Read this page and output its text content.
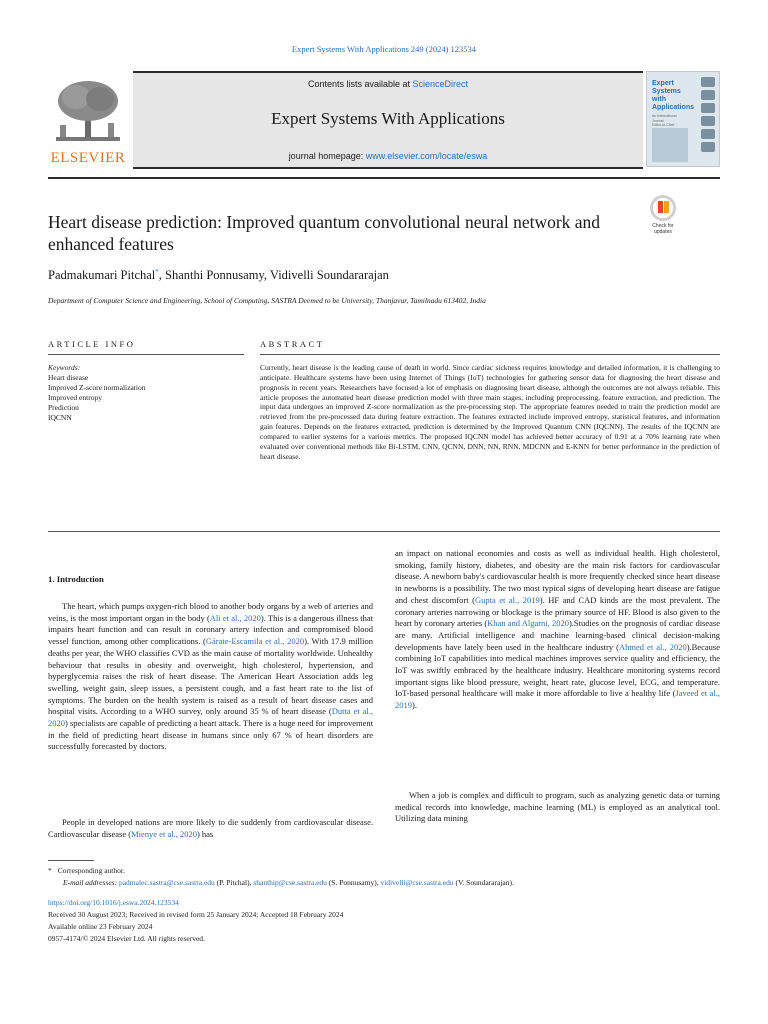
Expert Systems With Applications 249 (2024) 123534
ELSEVIER
Contents lists available at ScienceDirect
Expert Systems With Applications
journal homepage: www.elsevier.com/locate/eswa
Expert
Systems
with
Applications
An International
Journal
Editor-in-Chief

Heart disease prediction: Improved quantum convolutional neural network and enhanced features
Check for updates
Padmakumari Pitchal*, Shanthi Ponnusamy, Vidivelli Soundararajan
Department of Computer Science and Engineering, School of Computing, SASTRA Deemed to be University, Thanjavur, Tamilnadu 613402, India
ARTICLE INFO	ABSTRACT
Keywords:
Heart disease
Improved Z-score normalization
Improved entropy
Prediction
IQCNN
Currently, heart disease is the leading cause of death in world. Since cardiac sickness requires knowledge and detailed information, it is challenging to anticipate. Healthcare systems have been using Internet of Things (IoT) technologies for gathering sensor data for diagnosing the heart disease and prognosis in recent years. Researchers have focused a lot of emphasis on diagnosing heart disease, although the outcomes are not always reliable. This article proposes the automated heart disease prediction model with three main stages, including preprocessing, feature extraction, and prediction. The input data undergoes an improved Z-score normalization as the pre-processing step. The appropriate features needed to train the prediction model are retrieved from the pre-processed data during feature extraction. The features extracted include improved entropy, statistical features, and information gain features. Depends on the features extracted, prediction is determined by the Improved Quantum CNN (IQCNN). The results of the IQCNN are compared to earlier systems for a various metrics. The proposed IQCNN model has achieved better accuracy of 0.91 at a 70% learning rate when evaluated over conventional methods like Bi-LSTM, CNN, QCNN, DNN, NN, RNN, MDCNN and E-KNN for better performance in the prediction of heart disease.
1. Introduction

The heart, which pumps oxygen-rich blood to another body organs by a web of arteries and veins, is the most important organ in the body (Ali et al., 2020). This is a dangerous illness that impairs heart function and can result in coronary artery infection and compromised blood vessel function, among other complications. (Gárate-Escamila et al., 2020). With 17.9 million deaths per year, the WHO classifies CVD as the main cause of mortality worldwide. Unhealthy behaviour that results in obesity and overweight, high cholesterol, hypertension, and hyperglycemia raises the risk of heart disease. The American Heart Association adds leg swelling, weight gain, sleep issues, a persistent cough, and a fast heart rate to the list of symptoms. The burden on the health system is raised as a result of heart disease cases and hospital visits. According to a WHO survey, only around 35 % of heart disease (Dutta et al., 2020) specialists are capable of predicting a heart attack. There is a huge need for improvement in the field of predicting heart disease in humans since only 67 % of heart disorders are successfully forecasted by doctors.

People in developed nations are more likely to die suddenly from cardiovascular disease. Cardiovascular disease (Mienye et al., 2020) has

an impact on national economies and costs as well as individual health. High cholesterol, smoking, family history, diabetes, and obesity are the main risk factors for cardiovascular disease. A newborn baby's cardiovascular health is more frequently checked since heart disease in newborns is a possibility. The two most typical signs of developing heart disease are fatigue and chest discomfort (Gupta et al., 2019). HF and CAD kinds are the most prevalent. The coronary arteries narrowing or blockage is the primary source of HF. Blood is also given to the heart by coronary arteries (Khan and Algarni, 2020).Studies on the prognosis of cardiac disease are many. Artificial intelligence and machine learning-based clinical decision-making developments have lately been used in the healthcare industry (Ahmed et al., 2020).Because combining IoT capabilities into medical machines improves service quality and efficiency, the IoT was swiftly embraced by the healthcare industry. Healthcare monitoring systems record important signs like blood pressure, weight, heart rate, glucose level, ECG, and temperature. IoT-based personal healthcare will make it more affordable to live a healthy life (Javeed et al., 2019).

When a job is complex and difficult to program, such as analyzing genetic data or turning medical records into knowledge, machine learning (ML) is employed as an analytical tool. Utilizing data mining

* Corresponding author.
E-mail addresses: padmalec.sastra@cse.sastra.edu (P. Pitchal), shanthip@cse.sastra.edu (S. Ponnusamy), vidivelli@cse.sastra.edu (V. Soundararajan).
https://doi.org/10.1016/j.eswa.2024.123534
Received 30 August 2023; Received in revised form 25 January 2024; Accepted 18 February 2024
Available online 23 February 2024
0957-4174/© 2024 Elsevier Ltd. All rights reserved.
